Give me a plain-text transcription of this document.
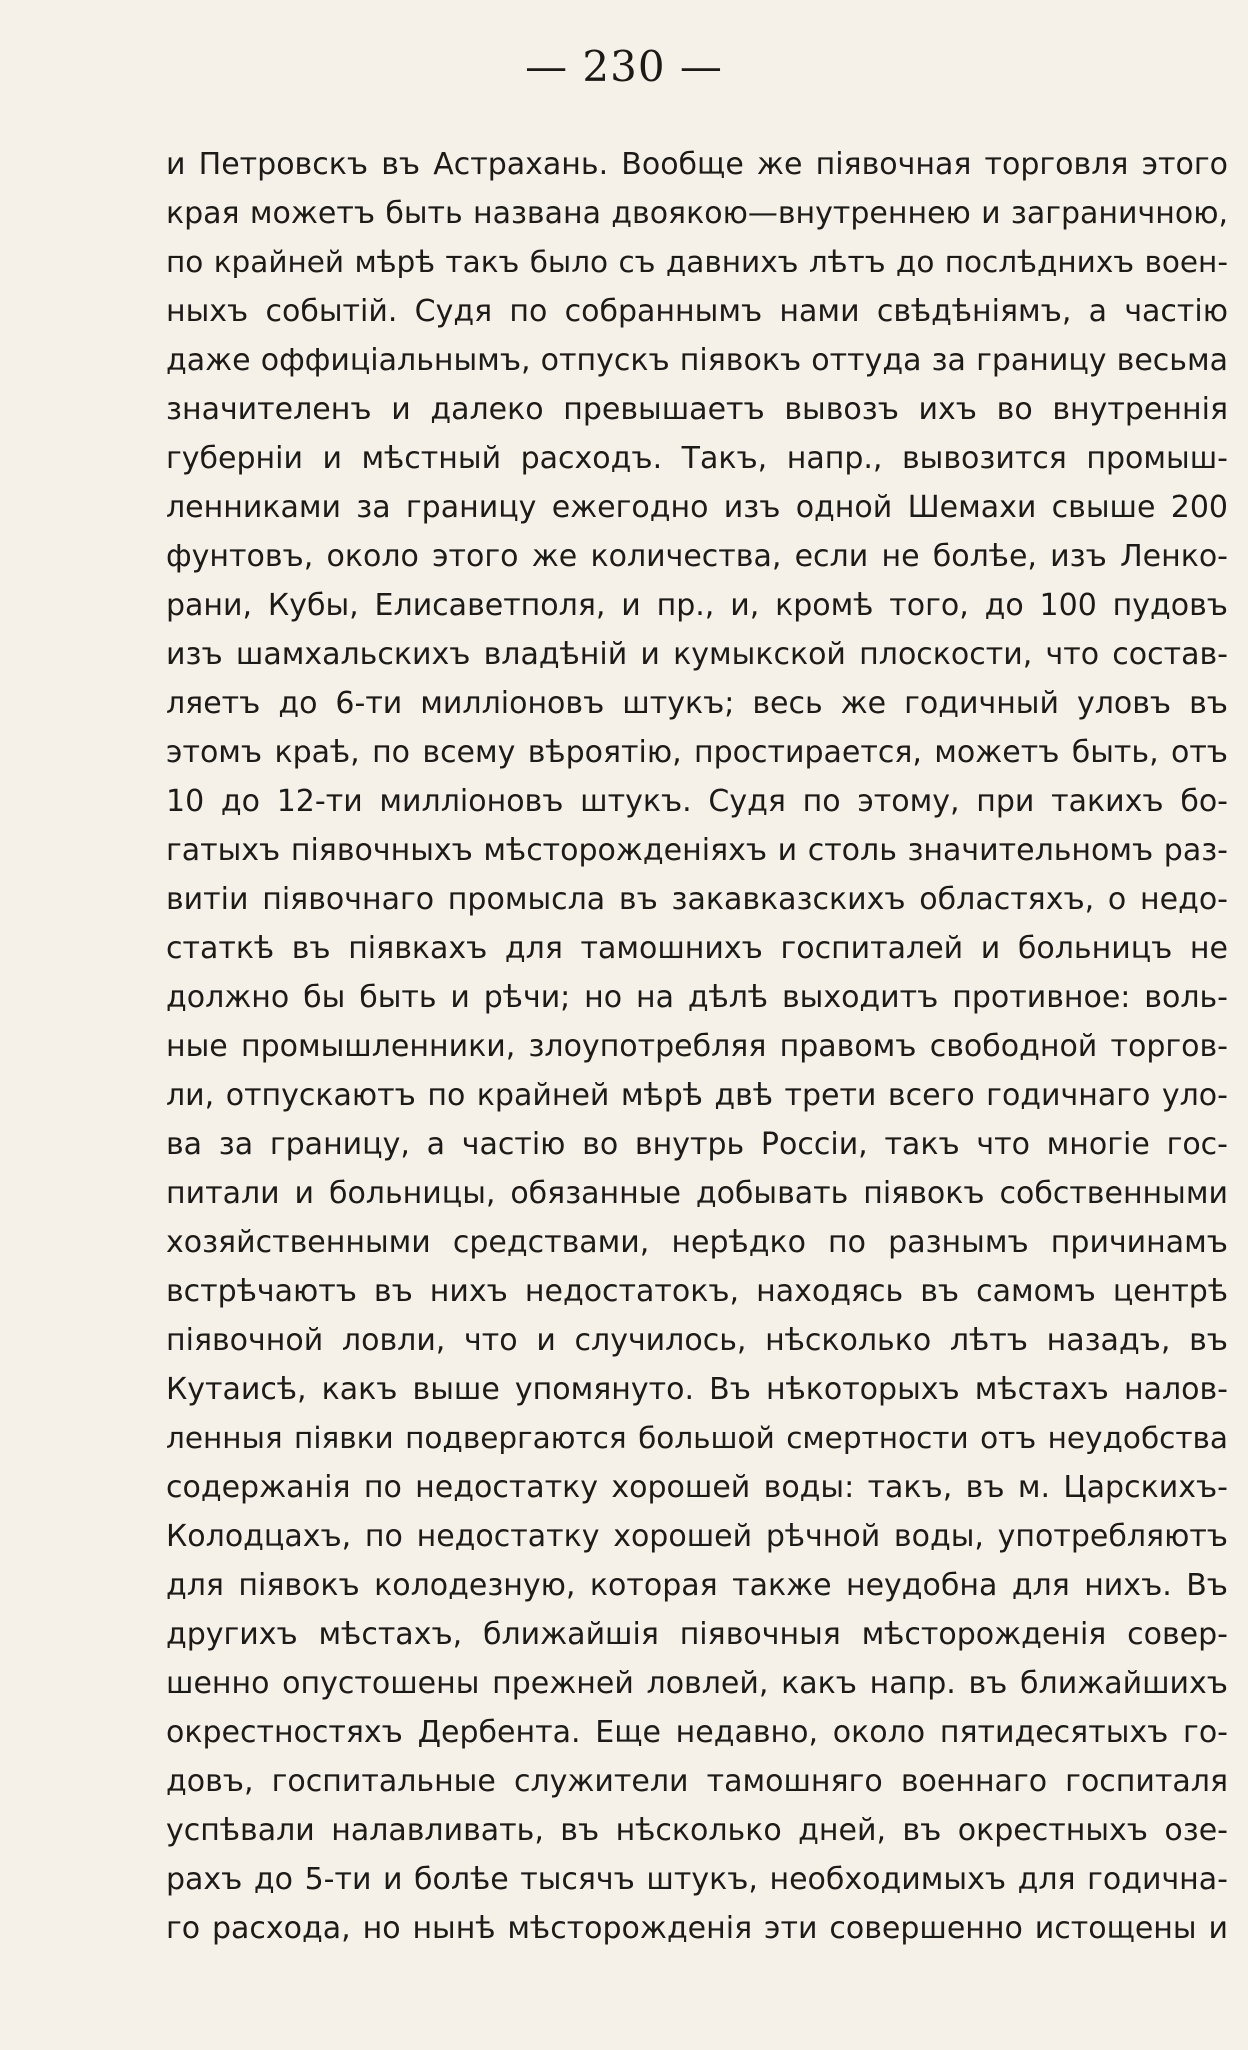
— 230 —
и Петровскъ въ Астрахань. Вообще же піявочная торговля этого
края можетъ быть названа двоякою—внутреннею и заграничною,
по крайней мѣрѣ такъ было съ давнихъ лѣтъ до послѣднихъ воен-
ныхъ событій. Судя по собраннымъ нами свѣдѣніямъ, а частію
даже оффиціальнымъ, отпускъ піявокъ оттуда за границу весьма
значителенъ и далеко превышаетъ вывозъ ихъ во внутреннія
губерніи и мѣстный расходъ. Такъ, напр., вывозится промыш-
ленниками за границу ежегодно изъ одной Шемахи свыше 200
фунтовъ, около этого же количества, если не болѣе, изъ Ленко-
рани, Кубы, Елисаветполя, и пр., и, кромѣ того, до 100 пудовъ
изъ шамхальскихъ владѣній и кумыкской плоскости, что состав-
ляетъ до 6-ти милліоновъ штукъ; весь же годичный уловъ въ
этомъ краѣ, по всему вѣроятію, простирается, можетъ быть, отъ
10 до 12-ти милліоновъ штукъ. Судя по этому, при такихъ бо-
гатыхъ піявочныхъ мѣсторожденіяхъ и столь значительномъ раз-
витіи піявочнаго промысла въ закавказскихъ областяхъ, о недо-
статкѣ въ піявкахъ для тамошнихъ госпиталей и больницъ не
должно бы быть и рѣчи; но на дѣлѣ выходитъ противное: воль-
ные промышленники, злоупотребляя правомъ свободной торгов-
ли, отпускаютъ по крайней мѣрѣ двѣ трети всего годичнаго уло-
ва за границу, а частію во внутрь Россіи, такъ что многіе гос-
питали и больницы, обязанные добывать піявокъ собственными
хозяйственными средствами, нерѣдко по разнымъ причинамъ
встрѣчаютъ въ нихъ недостатокъ, находясь въ самомъ центрѣ
піявочной ловли, что и случилось, нѣсколько лѣтъ назадъ, въ
Кутаисѣ, какъ выше упомянуто. Въ нѣкоторыхъ мѣстахъ налов-
ленныя піявки подвергаются большой смертности отъ неудобства
содержанія по недостатку хорошей воды: такъ, въ м. Царскихъ-
Колодцахъ, по недостатку хорошей рѣчной воды, употребляютъ
для піявокъ колодезную, которая также неудобна для нихъ. Въ
другихъ мѣстахъ, ближайшія піявочныя мѣсторожденія совер-
шенно опустошены прежней ловлей, какъ напр. въ ближайшихъ
окрестностяхъ Дербента. Еще недавно, около пятидесятыхъ го-
довъ, госпитальные служители тамошняго военнаго госпиталя
успѣвали налавливать, въ нѣсколько дней, въ окрестныхъ озе-
рахъ до 5-ти и болѣе тысячъ штукъ, необходимыхъ для годична-
го расхода, но нынѣ мѣсторожденія эти совершенно истощены и
